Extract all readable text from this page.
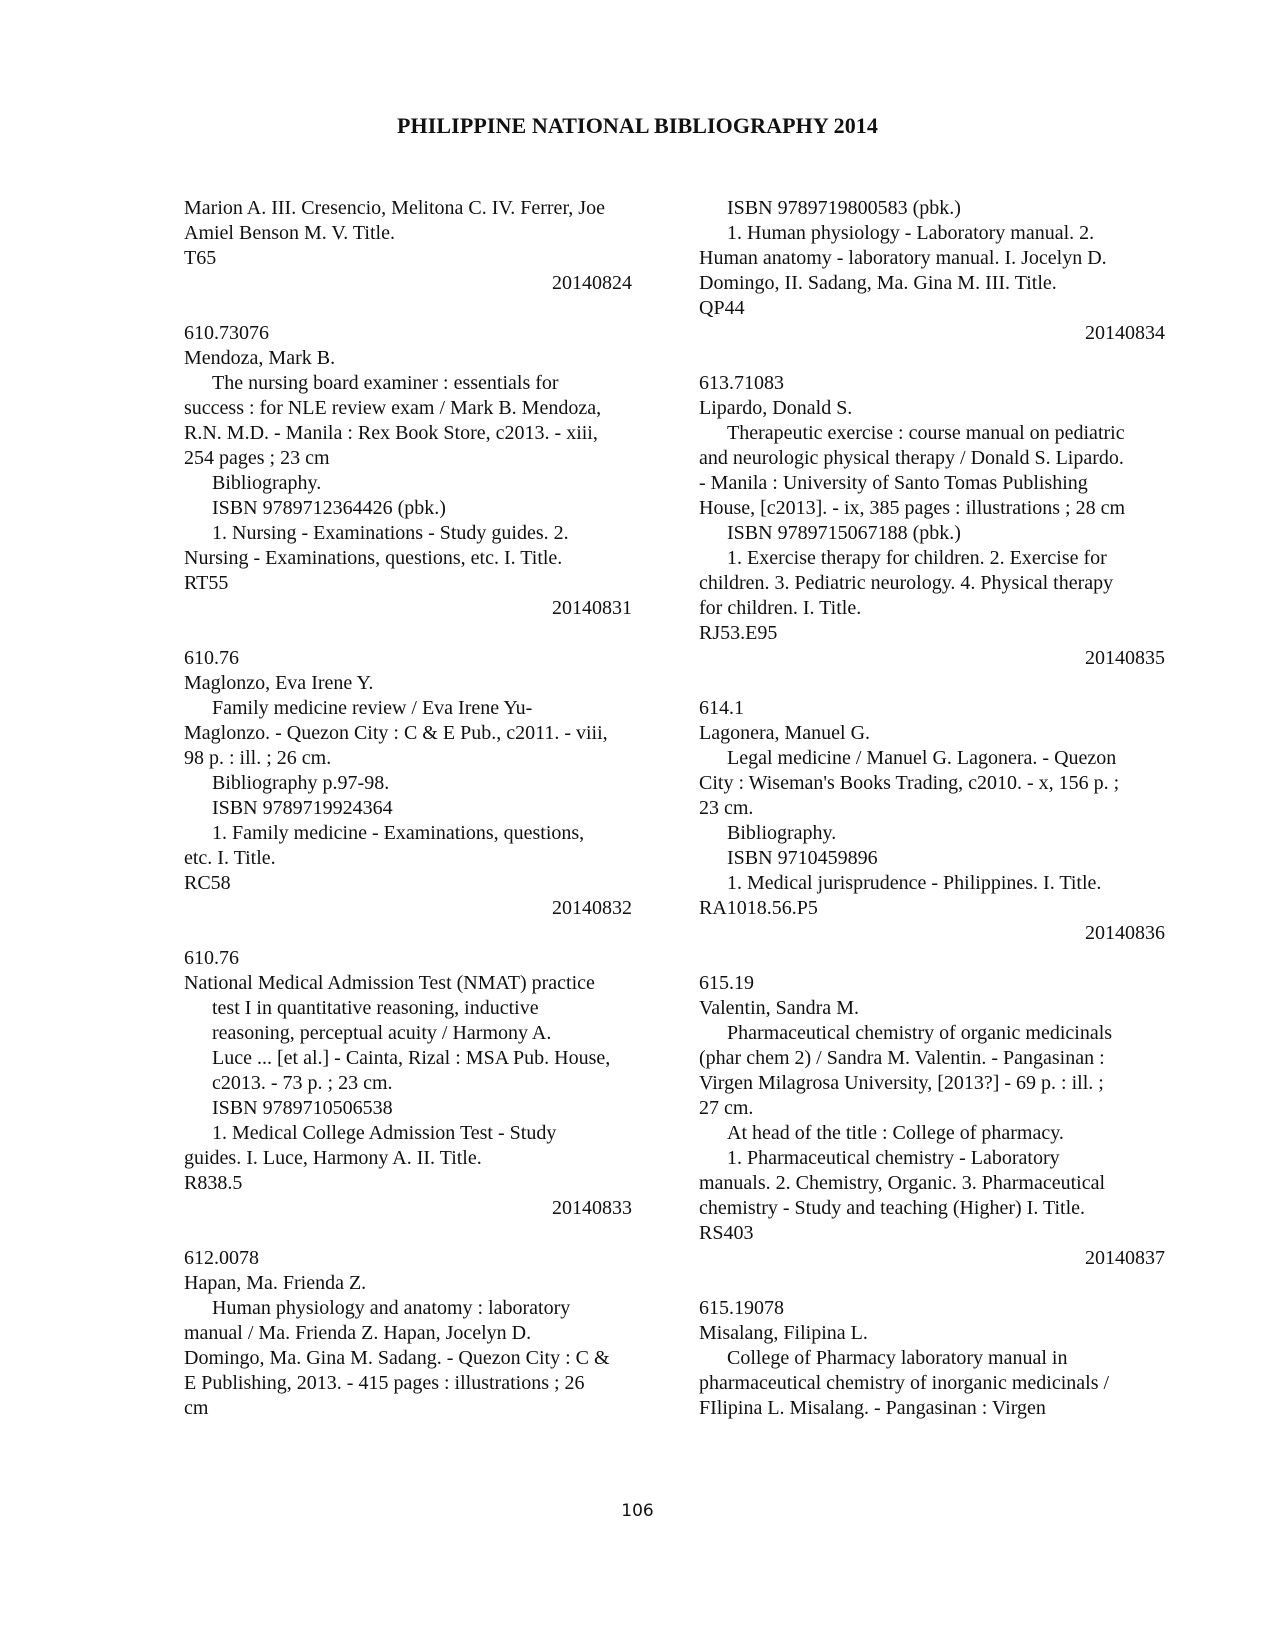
PHILIPPINE NATIONAL BIBLIOGRAPHY 2014
Marion A. III. Cresencio, Melitona C. IV. Ferrer, Joe
Amiel Benson M. V. Title.
T65
20140824
610.73076
Mendoza, Mark B.
The nursing board examiner : essentials for
success : for NLE review exam / Mark B. Mendoza,
R.N. M.D. - Manila : Rex Book Store, c2013. - xiii,
254 pages ; 23 cm
Bibliography.
ISBN 9789712364426 (pbk.)
1. Nursing - Examinations - Study guides. 2.
Nursing - Examinations, questions, etc. I. Title.
RT55
20140831
610.76
Maglonzo, Eva Irene Y.
Family medicine review / Eva Irene Yu-
Maglonzo. - Quezon City : C & E Pub., c2011. - viii,
98 p. : ill. ; 26 cm.
Bibliography p.97-98.
ISBN 9789719924364
1. Family medicine - Examinations, questions,
etc. I. Title.
RC58
20140832
610.76
National Medical Admission Test (NMAT) practice
test I in quantitative reasoning, inductive
reasoning, perceptual acuity / Harmony A.
Luce ... [et al.] - Cainta, Rizal : MSA Pub. House,
c2013. - 73 p. ; 23 cm.
ISBN 9789710506538
1. Medical College Admission Test - Study
guides. I. Luce, Harmony A. II. Title.
R838.5
20140833
612.0078
Hapan, Ma. Frienda Z.
Human physiology and anatomy : laboratory
manual / Ma. Frienda Z. Hapan, Jocelyn D.
Domingo, Ma. Gina M. Sadang. - Quezon City : C &
E Publishing, 2013. - 415 pages : illustrations ; 26
cm
ISBN 9789719800583 (pbk.)
1. Human physiology - Laboratory manual. 2.
Human anatomy - laboratory manual. I. Jocelyn D.
Domingo, II. Sadang, Ma. Gina M. III. Title.
QP44
20140834
613.71083
Lipardo, Donald S.
Therapeutic exercise : course manual on pediatric
and neurologic physical therapy / Donald S. Lipardo.
- Manila : University of Santo Tomas Publishing
House, [c2013]. - ix, 385 pages : illustrations ; 28 cm
ISBN 9789715067188 (pbk.)
1. Exercise therapy for children. 2. Exercise for
children. 3. Pediatric neurology. 4. Physical therapy
for children. I. Title.
RJ53.E95
20140835
614.1
Lagonera, Manuel G.
Legal medicine / Manuel G. Lagonera. - Quezon
City : Wiseman's Books Trading, c2010. - x, 156 p. ;
23 cm.
Bibliography.
ISBN 9710459896
1. Medical jurisprudence - Philippines. I. Title.
RA1018.56.P5
20140836
615.19
Valentin, Sandra M.
Pharmaceutical chemistry of organic medicinals
(phar chem 2) / Sandra M. Valentin. - Pangasinan :
Virgen Milagrosa University, [2013?] - 69 p. : ill. ;
27 cm.
At head of the title : College of pharmacy.
1. Pharmaceutical chemistry - Laboratory
manuals. 2. Chemistry, Organic. 3. Pharmaceutical
chemistry - Study and teaching (Higher) I. Title.
RS403
20140837
615.19078
Misalang, Filipina L.
College of Pharmacy laboratory manual in
pharmaceutical chemistry of inorganic medicinals /
FIlipina L. Misalang. - Pangasinan : Virgen
106
